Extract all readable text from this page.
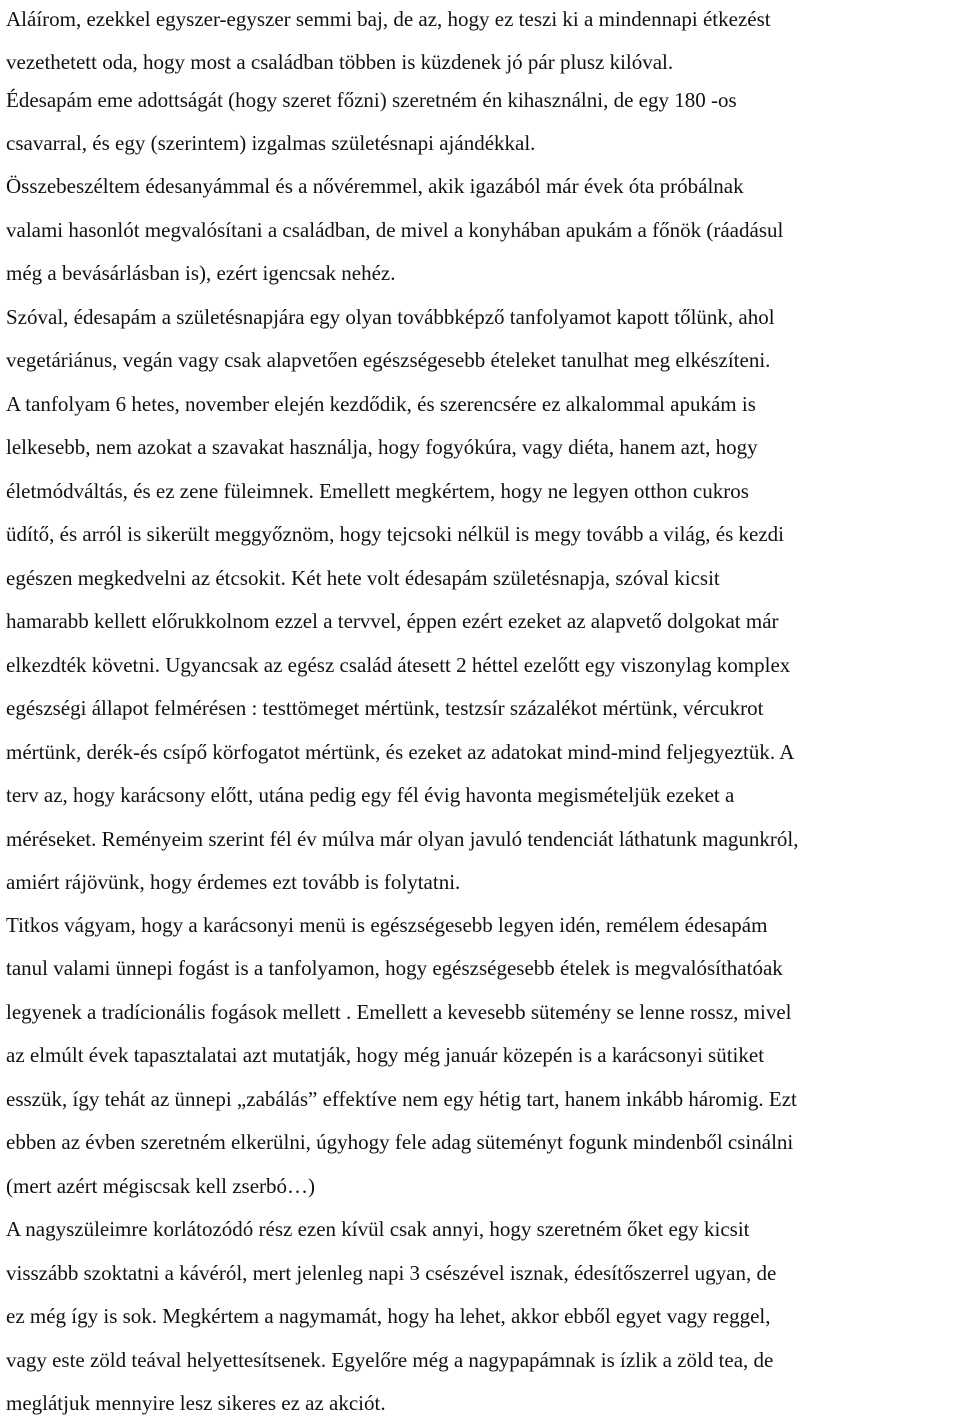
Aláírom, ezekkel egyszer-egyszer semmi baj, de az, hogy ez teszi ki a mindennapi étkezést
vezethetett oda, hogy most a családban többen is küzdenek jó pár plusz kilóval.
Édesapám eme adottságát (hogy szeret főzni) szeretném én kihasználni, de egy 180 -os
csavarral, és egy (szerintem) izgalmas születésnapi ajándékkal.
Összebeszéltem édesanyámmal és a nővéremmel, akik igazából már évek óta próbálnak
valami hasonlót megvalósítani a családban, de mivel a konyhában apukám a főnök (ráadásul
még a bevásárlásban is), ezért igencsak nehéz.
Szóval, édesapám a születésnapjára egy olyan továbbképző tanfolyamot kapott tőlünk, ahol
vegetáriánus, vegán vagy csak alapvetően egészségesebb ételeket tanulhat meg elkészíteni.
A tanfolyam 6 hetes, november elején kezdődik, és szerencsére ez alkalommal apukám is
lelkesebb, nem azokat a szavakat használja, hogy fogyókúra, vagy diéta, hanem azt, hogy
életmódváltás, és ez zene füleimnek. Emellett megkértem, hogy ne legyen otthon cukros
üdítő, és arról is sikerült meggyőznöm, hogy tejcsoki nélkül is megy tovább a világ, és kezdi
egészen megkedvelni az étcsokit. Két hete volt édesapám születésnapja, szóval kicsit
hamarabb kellett előrukkolnom ezzel a tervvel, éppen ezért ezeket az alapvető dolgokat már
elkezdték követni. Ugyancsak az egész család átesett 2 héttel ezelőtt egy viszonylag komplex
egészségi állapot felmérésen : testtömeget mértünk, testzsír százalékot mértünk, vércukrot
mértünk, derék-és csípő körfogatot mértünk, és ezeket az adatokat mind-mind feljegyeztük. A
terv az, hogy karácsony előtt, utána pedig egy fél évig havonta megismételjük ezeket a
méréseket. Reményeim szerint fél év múlva már olyan javuló tendenciát láthatunk magunkról,
amiért rájövünk, hogy érdemes ezt tovább is folytatni.
Titkos vágyam, hogy a karácsonyi menü is egészségesebb legyen idén, remélem édesapám
tanul valami ünnepi fogást is a tanfolyamon, hogy egészségesebb ételek is megvalósíthatóak
legyenek a tradícionális fogások mellett . Emellett a kevesebb sütemény se lenne rossz, mivel
az elmúlt évek tapasztalatai azt mutatják, hogy még január közepén is a karácsonyi sütiket
esszük, így tehát az ünnepi „zabálás” effektíve nem egy hétig tart, hanem inkább háromig. Ezt
ebben az évben szeretném elkerülni, úgyhogy fele adag süteményt fogunk mindenből csinálni
(mert azért mégiscsak kell zserbó…)
A nagyszüleimre korlátozódó rész ezen kívül csak annyi, hogy szeretném őket egy kicsit
visszább szoktatni a kávéról, mert jelenleg napi 3 csészével isznak, édesítőszerrel ugyan, de
ez még így is sok. Megkértem a nagymamát, hogy ha lehet, akkor ebből egyet vagy reggel,
vagy este zöld teával helyettesítsenek. Egyelőre még a nagypapámnak is ízlik a zöld tea, de
meglátjuk mennyire lesz sikeres ez az akciót.
